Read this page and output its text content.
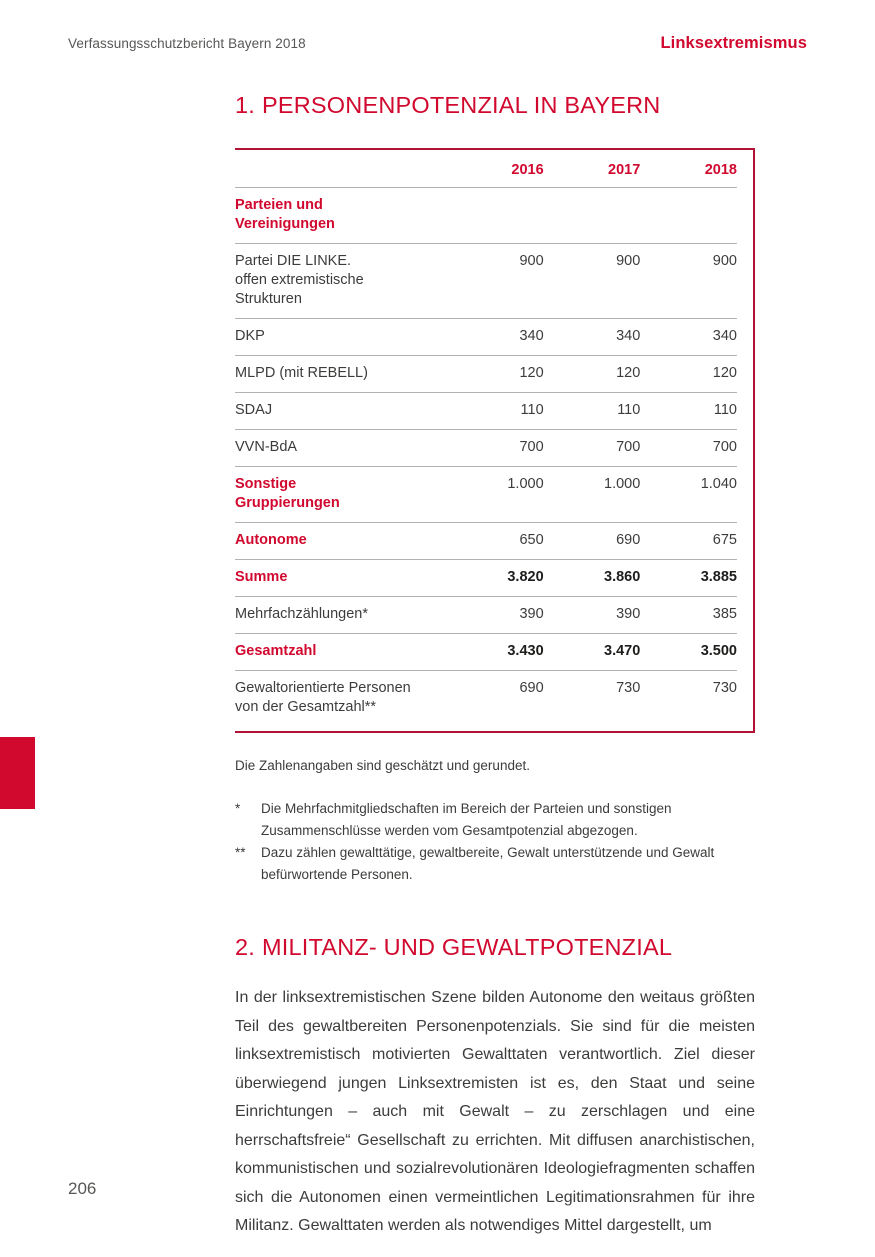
Verfassungsschutzbericht Bayern 2018	Linksextremismus
1. PERSONENPOTENZIAL IN BAYERN
	2016	2017	2018
Parteien und
Vereinigungen			
Partei DIE LINKE.
offen extremistische
Strukturen	900	900	900
DKP	340	340	340
MLPD (mit REBELL)	120	120	120
SDAJ	110	110	110
VVN-BdA	700	700	700
Sonstige
Gruppierungen	1.000	1.000	1.040
Autonome	650	690	675
Summe	3.820	3.860	3.885
Mehrfachzählungen*	390	390	385
Gesamtzahl	3.430	3.470	3.500
Gewaltorientierte Personen
von der Gesamtzahl**	690	730	730
Die Zahlenangaben sind geschätzt und gerundet.
*	Die Mehrfachmitgliedschaften im Bereich der Parteien und sonstigen Zusammenschlüsse werden vom Gesamtpotenzial abgezogen.
**	Dazu zählen gewalttätige, gewaltbereite, Gewalt unterstützende und Gewalt befürwortende Personen.
2. MILITANZ- UND GEWALTPOTENZIAL

In der linksextremistischen Szene bilden Autonome den weitaus größten Teil des gewaltbereiten Personenpotenzials. Sie sind für die meisten linksextremistisch motivierten Gewalttaten verantwortlich. Ziel dieser überwiegend jungen Linksextremisten ist es, den Staat und seine Einrichtungen – auch mit Gewalt – zu zerschlagen und eine herrschaftsfreie“ Gesellschaft zu errichten. Mit diffusen anarchistischen, kommunistischen und sozialrevolutionären Ideologiefragmenten schaffen sich die Autonomen einen vermeintlichen Legitimationsrahmen für ihre Militanz. Gewalttaten werden als notwendiges Mittel dargestellt, um

206
